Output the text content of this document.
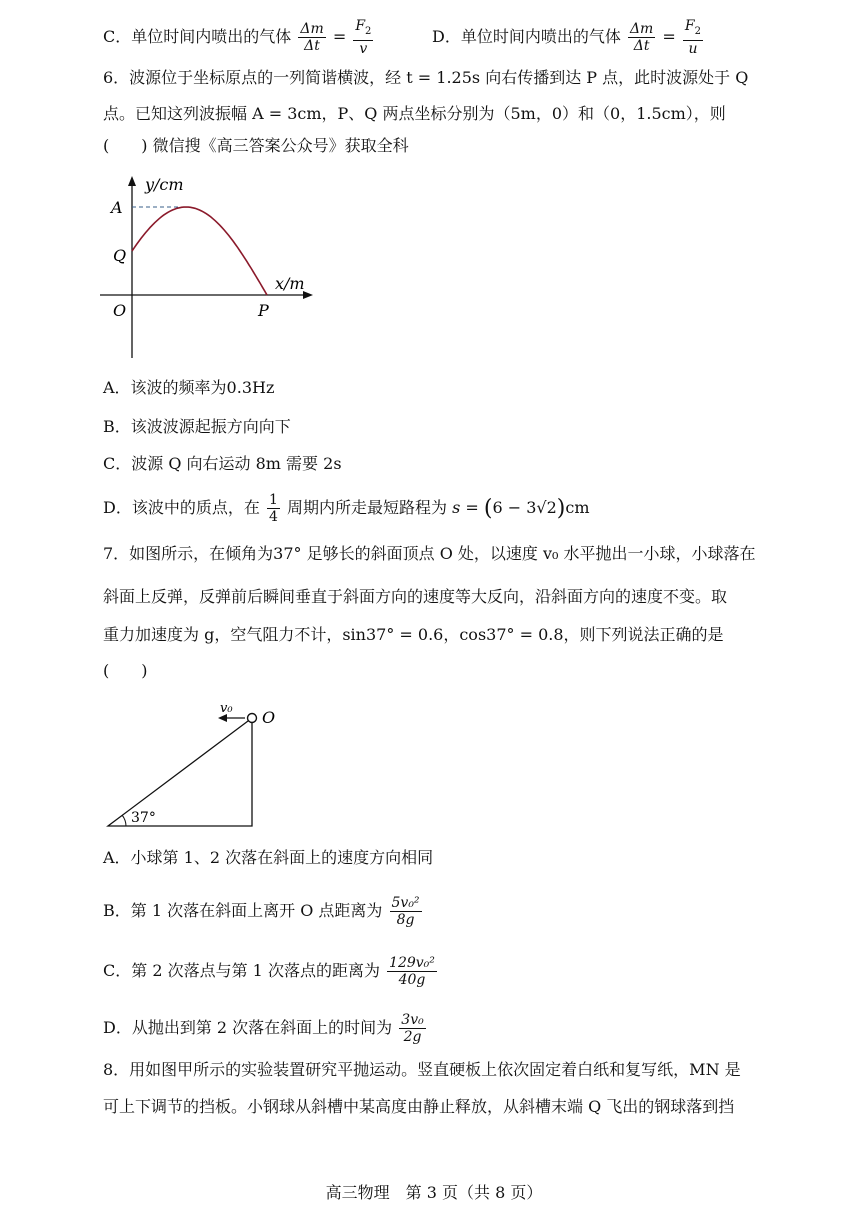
C．单位时间内喷出的气体 $\frac{\Delta m}{\Delta t} = \frac{F_2}{v}$	D．单位时间内喷出的气体 $\frac{\Delta m}{\Delta t} = \frac{F_2}{u}$
6．波源位于坐标原点的一列简谐横波，经 t = 1.25s 向右传播到达 P 点，此时波源处于 Q
点。已知这列波振幅 A = 3cm，P、Q 两点坐标分别为（5m，0）和（0，1.5cm），则
(　　) 微信搜《高三答案公众号》获取全科
y/cm
x/m
A
Q
O	P
A．该波的频率为0.3Hz
B．该波波源起振方向向下
C．波源 Q 向右运动 8m 需要 2s
D．该波中的质点，在 $\frac{1}{4}$ 周期内所走最短路程为 s = (6 − 3√2)cm
7．如图所示，在倾角为37° 足够长的斜面顶点 O 处，以速度 v₀ 水平抛出一小球，小球落在
斜面上反弹，反弹前后瞬间垂直于斜面方向的速度等大反向，沿斜面方向的速度不变。取
重力加速度为 g，空气阻力不计，sin37° = 0.6，cos37° = 0.8，则下列说法正确的是
(　　)
v₀ O
37°
A．小球第 1、2 次落在斜面上的速度方向相同
B．第 1 次落在斜面上离开 O 点距离为 $\frac{\text{5v₀²}}{8g}$
C．第 2 次落点与第 1 次落点的距离为 $\frac{\text{129v₀²}}{40g}$
D．从抛出到第 2 次落在斜面上的时间为 $\frac{\text{3v₀}}{2g}$
8．用如图甲所示的实验装置研究平抛运动。竖直硬板上依次固定着白纸和复写纸，MN 是
可上下调节的挡板。小钢球从斜槽中某高度由静止释放，从斜槽末端 Q 飞出的钢球落到挡
高三物理　第 3 页（共 8 页）
